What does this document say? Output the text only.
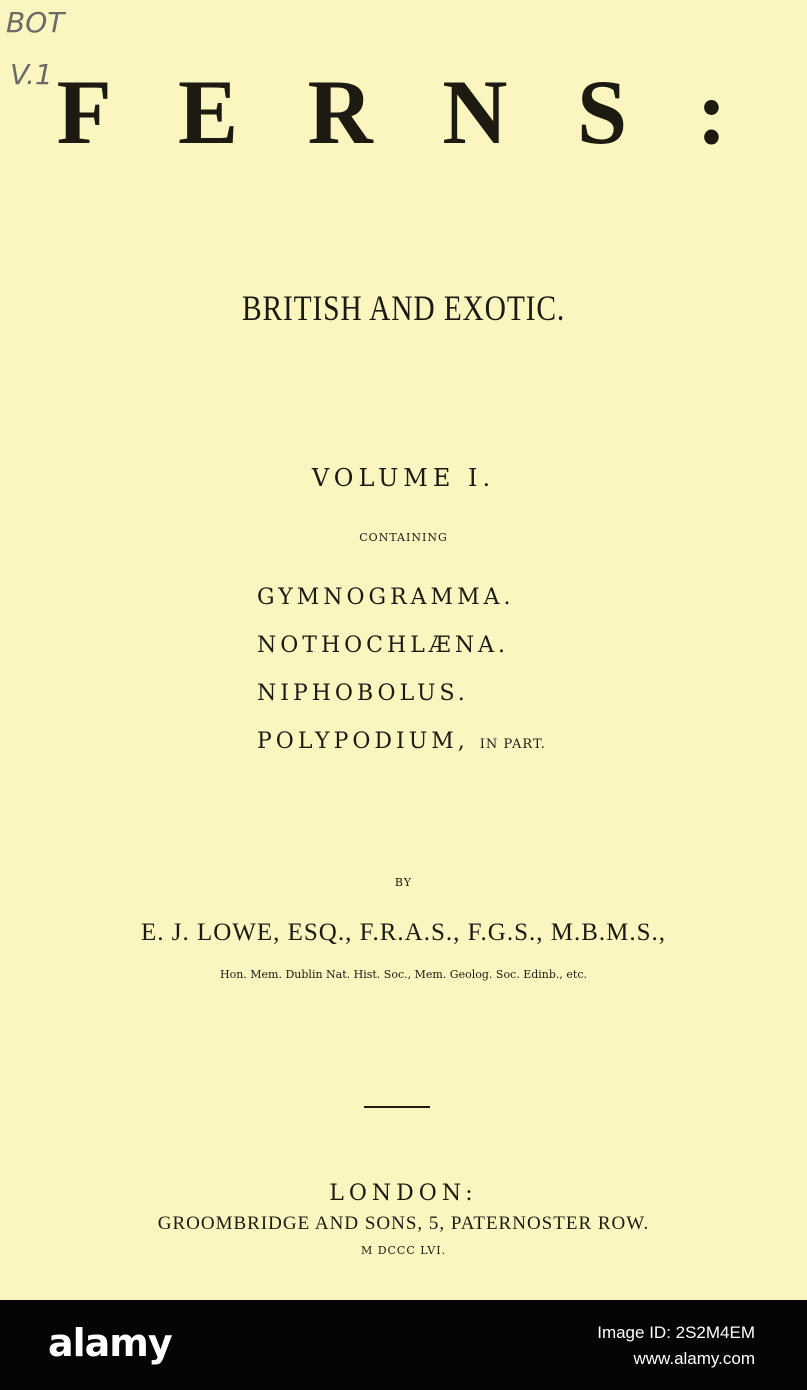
BOT
V.1 F E R N S :
BRITISH AND EXOTIC.
VOLUME I.
CONTAINING
GYMNOGRAMMA.
NOTHOCHLÆNA.
NIPHOBOLUS.
POLYPODIUM, IN PART.
BY
E. J. LOWE, ESQ., F.R.A.S., F.G.S., M.B.M.S.,
Hon. Mem. Dublin Nat. Hist. Soc., Mem. Geolog. Soc. Edinb., etc.
LONDON:
GROOMBRIDGE AND SONS, 5, PATERNOSTER ROW.
M DCCC LVI.
alamy	Image ID: 2S2M4EM
www.alamy.com
